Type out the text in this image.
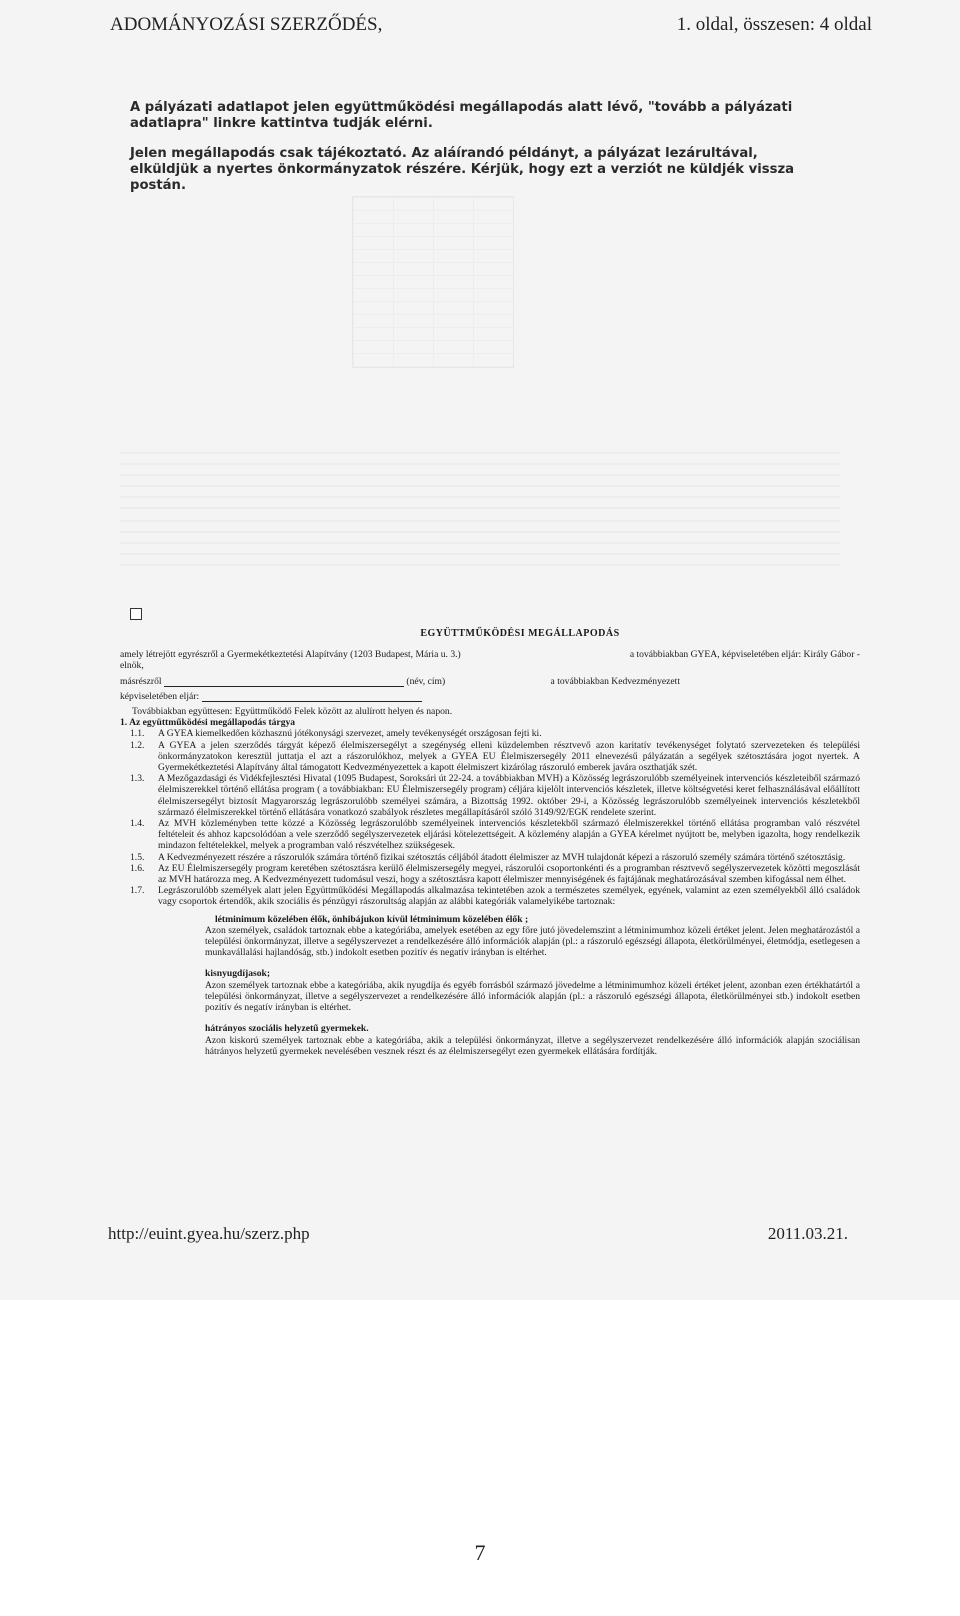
ADOMÁNYOZÁSI SZERZŐDÉS,	1. oldal, összesen: 4 oldal
A pályázati adatlapot jelen együttműködési megállapodás alatt lévő, "tovább a pályázati adatlapra" linkre kattintva tudják elérni.
Jelen megállapodás csak tájékoztató. Az aláírandó példányt, a pályázat lezárultával, elküldjük a nyertes önkormányzatok részére. Kérjük, hogy ezt a verziót ne küldjék vissza postán.
EGYÜTTMŰKÖDÉSI MEGÁLLAPODÁS
amely létrejött egyrészről a Gyermekétkeztetési Alapítvány (1203 Budapest, Mária u. 3.)	a továbbiakban GYEA, képviseletében eljár: Király Gábor -

elnök,

másrészről	(név, cím)	a továbbiakban Kedvezményezett

képviseletében eljár:

Továbbiakban együttesen: Együttműködő Felek között az alulírott helyen és napon.

1. Az együttműködési megállapodás tárgya

1.1.	A GYEA kiemelkedően közhasznú jótékonysági szervezet, amely tevékenységét országosan fejti ki.
1.2.	A GYEA a jelen szerződés tárgyát képező élelmiszersegélyt a szegénység elleni küzdelemben résztvevő azon karitatív tevékenységet folytató szervezeteken és települési önkormányzatokon keresztül juttatja el azt a rászorulókhoz, melyek a GYEA EU Élelmiszersegély 2011 elnevezésű pályázatán a segélyek szétosztására jogot nyertek. A Gyermekétkeztetési Alapítvány által támogatott Kedvezményezettek a kapott élelmiszert kizárólag rászoruló emberek javára oszthatják szét.
1.3.	A Mezőgazdasági és Vidékfejlesztési Hivatal (1095 Budapest, Soroksári út 22-24. a továbbiakban MVH) a Közösség legrászorulóbb személyeinek intervenciós készleteiből származó élelmiszerekkel történő ellátása program ( a továbbiakban: EU Élelmiszersegély program) céljára kijelölt intervenciós készletek, illetve költségvetési keret felhasználásával előállított élelmiszersegélyt biztosít Magyarország legrászorulóbb személyei számára, a Bizottság 1992. október 29-i, a Közösség legrászorulóbb személyeinek intervenciós készletekből származó élelmiszerekkel történő ellátására vonatkozó szabályok részletes megállapításáról szóló 3149/92/EGK rendelete szerint.
1.4.	Az MVH közleményben tette közzé a Közösség legrászorulóbb személyeinek intervenciós készletekből származó élelmiszerekkel történő ellátása programban való részvétel feltételeit és ahhoz kapcsolódóan a vele szerződő segélyszervezetek eljárási kötelezettségeit. A közlemény alapján a GYEA kérelmet nyújtott be, melyben igazolta, hogy rendelkezik mindazon feltételekkel, melyek a programban való részvételhez szükségesek.
1.5.	A Kedvezményezett részére a rászorulók számára történő fizikai szétosztás céljából átadott élelmiszer az MVH tulajdonát képezi a rászoruló személy számára történő szétosztásig.
1.6.	Az EU Élelmiszersegély program keretében szétosztásra kerülő élelmiszersegély megyei, rászorulói csoportonkénti és a programban résztvevő segélyszervezetek közötti megoszlását az MVH határozza meg. A Kedvezményezett tudomásul veszi, hogy a szétosztásra kapott élelmiszer mennyiségének és fajtájának meghatározásával szemben kifogással nem élhet.
1.7.	Legrászorulóbb személyek alatt jelen Együttműködési Megállapodás alkalmazása tekintetében azok a természetes személyek, egyének, valamint az ezen személyekből álló családok vagy csoportok értendők, akik szociális és pénzügyi rászorultság alapján az alábbi kategóriák valamelyikébe tartoznak:
létminimum közelében élők, önhibájukon kívül létminimum közelében élők ;
Azon személyek, családok tartoznak ebbe a kategóriába, amelyek esetében az egy főre jutó jövedelemszint a létminimumhoz közeli értéket jelent. Jelen meghatározástól a települési önkormányzat, illetve a segélyszervezet a rendelkezésére álló információk alapján (pl.: a rászoruló egészségi állapota, életkörülményei, életmódja, esetlegesen a munkavállalási hajlandóság, stb.) indokolt esetben pozitív és negatív irányban is eltérhet.
kisnyugdíjasok;
Azon személyek tartoznak ebbe a kategóriába, akik nyugdíja és egyéb forrásból származó jövedelme a létminimumhoz közeli értéket jelent, azonban ezen értékhatártól a települési önkormányzat, illetve a segélyszervezet a rendelkezésére álló információk alapján (pl.: a rászoruló egészségi állapota, életkörülményei stb.) indokolt esetben pozitív és negatív irányban is eltérhet.
hátrányos szociális helyzetű gyermekek.
Azon kiskorú személyek tartoznak ebbe a kategóriába, akik a települési önkormányzat, illetve a segélyszervezet rendelkezésére álló információk alapján szociálisan hátrányos helyzetű gyermekek nevelésében vesznek részt és az élelmiszersegélyt ezen gyermekek ellátására fordítják.
http://euint.gyea.hu/szerz.php	2011.03.21.
7
